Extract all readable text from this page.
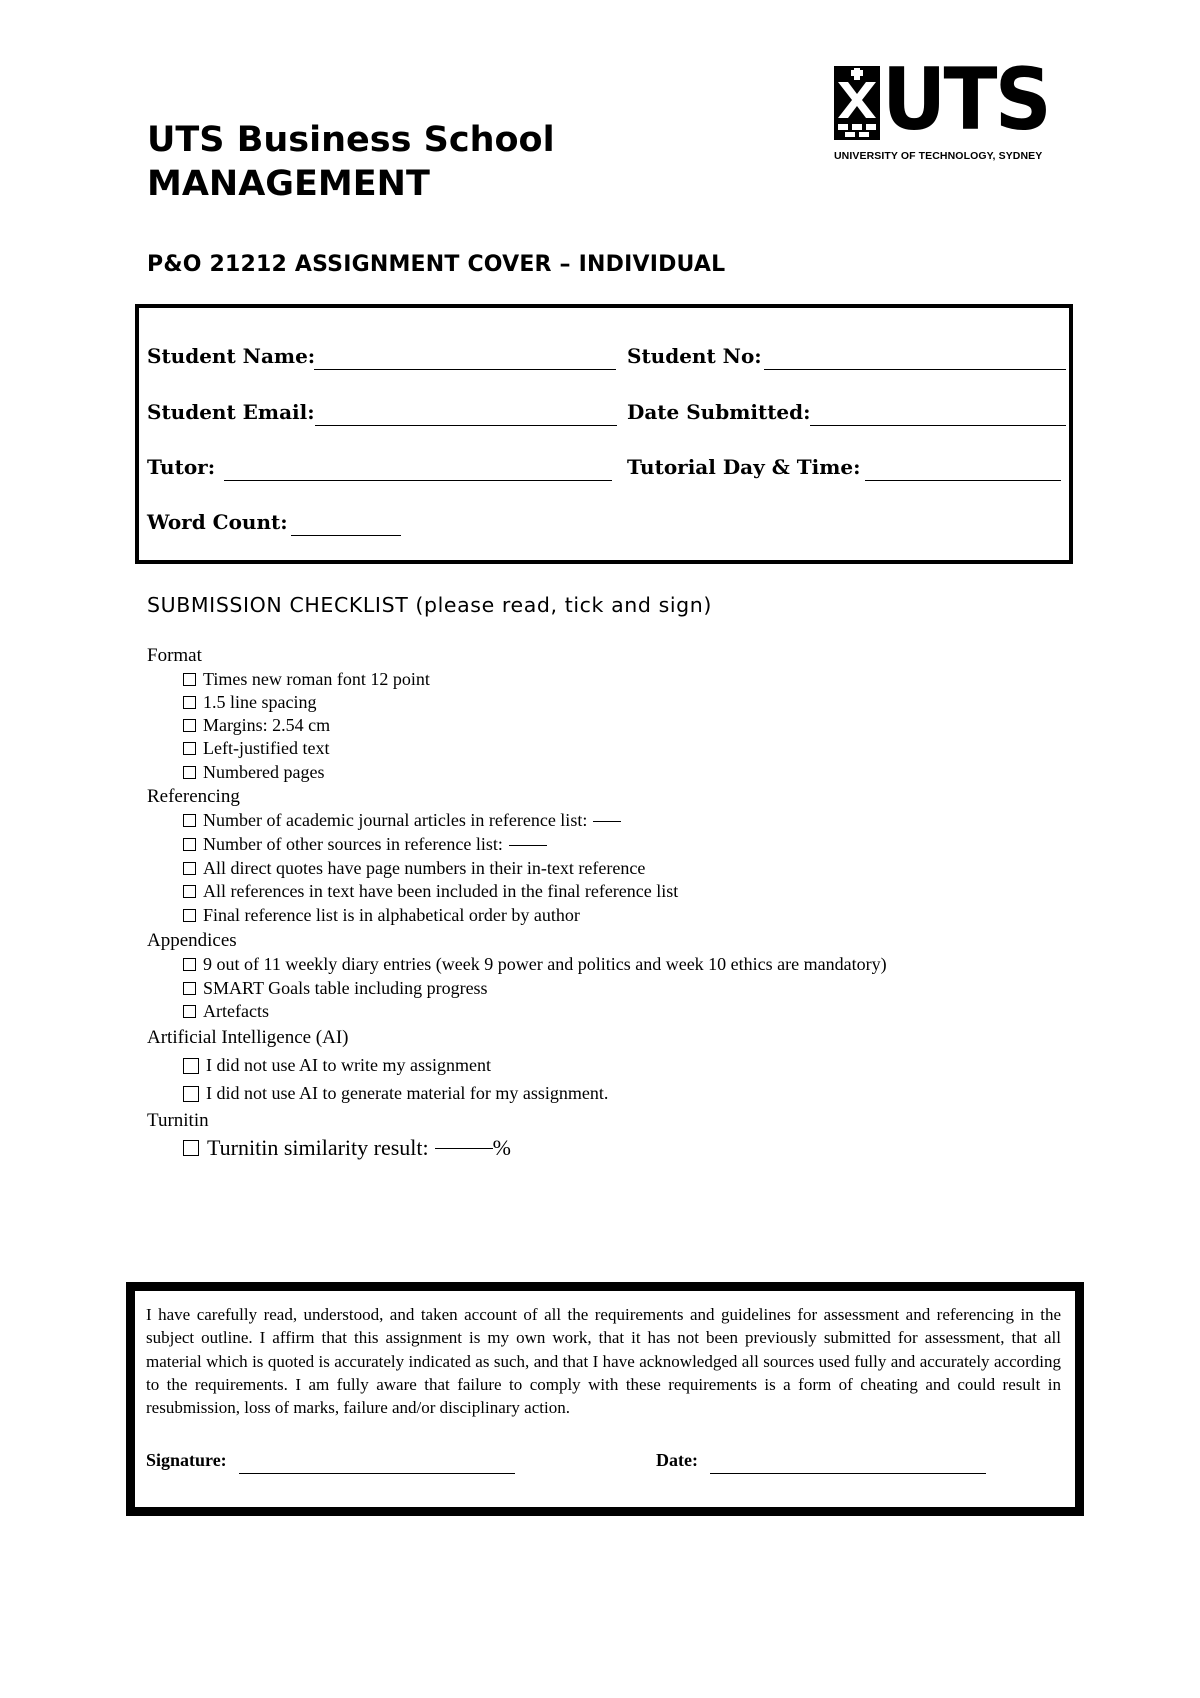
UTS Business School
MANAGEMENT
UTS
UNIVERSITY OF TECHNOLOGY, SYDNEY
P&O 21212 ASSIGNMENT COVER – INDIVIDUAL
Student Name:	Student No:
Student Email:	Date Submitted:
Tutor:	Tutorial Day & Time:
Word Count:
SUBMISSION CHECKLIST (please read, tick and sign)
Format
Times new roman font 12 point
1.5 line spacing
Margins: 2.54 cm
Left-justified text
Numbered pages
Referencing
Number of academic journal articles in reference list:
Number of other sources in reference list:
All direct quotes have page numbers in their in-text reference
All references in text have been included in the final reference list
Final reference list is in alphabetical order by author
Appendices
9 out of 11 weekly diary entries (week 9 power and politics and week 10 ethics are mandatory)
SMART Goals table including progress
Artefacts
Artificial Intelligence (AI)
I did not use AI to write my assignment
I did not use AI to generate material for my assignment.
Turnitin
Turnitin similarity result:	%
I have carefully read, understood, and taken account of all the requirements and guidelines for assessment and referencing in the subject outline. I affirm that this assignment is my own work, that it has not been previously submitted for assessment, that all material which is quoted is accurately indicated as such, and that I have acknowledged all sources used fully and accurately according to the requirements. I am fully aware that failure to comply with these requirements is a form of cheating and could result in resubmission, loss of marks, failure and/or disciplinary action.
Signature:	Date:
